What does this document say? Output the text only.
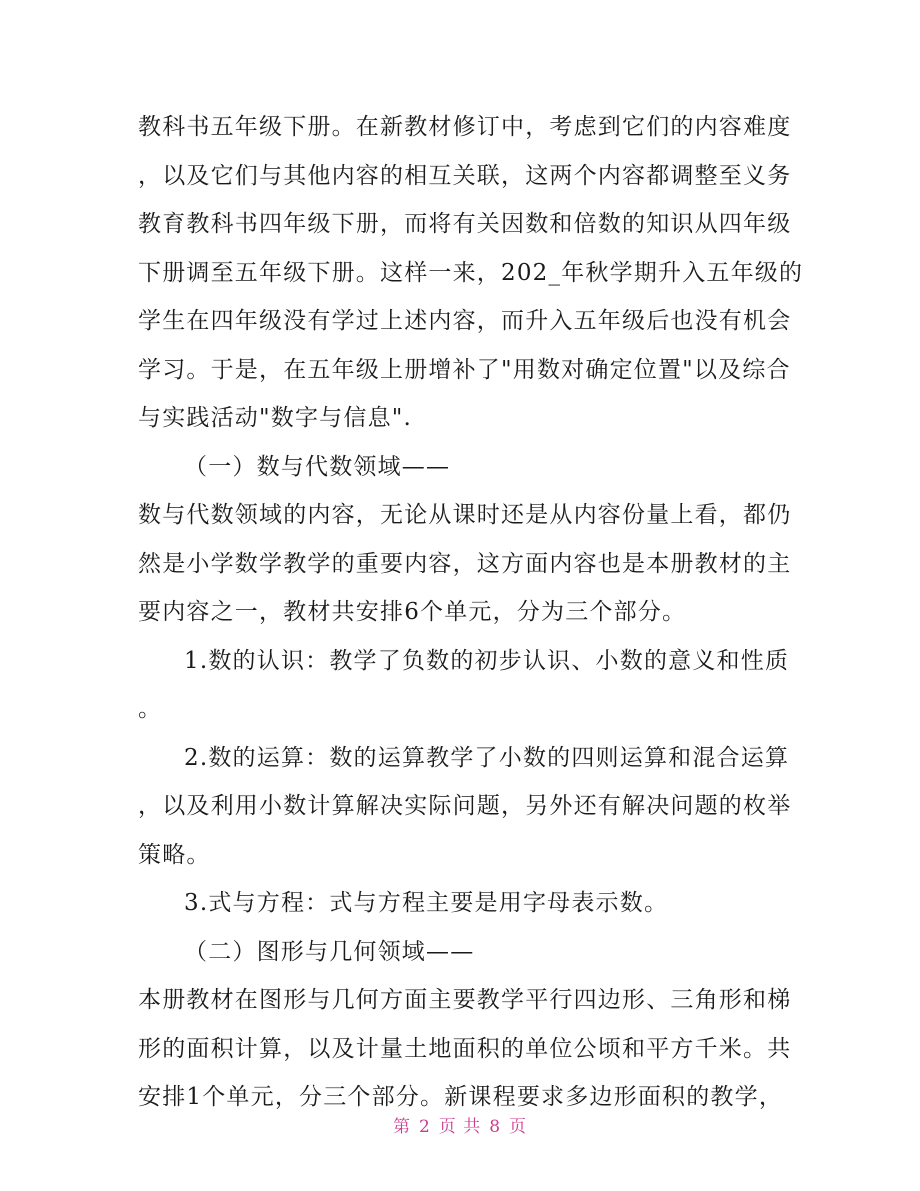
教科书五年级下册。在新教材修订中，考虑到它们的内容难度
，以及它们与其他内容的相互关联，这两个内容都调整至义务
教育教科书四年级下册，而将有关因数和倍数的知识从四年级
下册调至五年级下册。这样一来，202_年秋学期升入五年级的
学生在四年级没有学过上述内容，而升入五年级后也没有机会
学习。于是，在五年级上册增补了"用数对确定位置"以及综合
与实践活动"数字与信息".
（一）数与代数领域——
数与代数领域的内容，无论从课时还是从内容份量上看，都仍
然是小学数学教学的重要内容，这方面内容也是本册教材的主
要内容之一，教材共安排6个单元，分为三个部分。
1.数的认识：教学了负数的初步认识、小数的意义和性质
。
2.数的运算：数的运算教学了小数的四则运算和混合运算
，以及利用小数计算解决实际问题，另外还有解决问题的枚举
策略。
3.式与方程：式与方程主要是用字母表示数。
（二）图形与几何领域——
本册教材在图形与几何方面主要教学平行四边形、三角形和梯
形的面积计算，以及计量土地面积的单位公顷和平方千米。共
安排1个单元，分三个部分。新课程要求多边形面积的教学，
第 2 页 共 8 页
